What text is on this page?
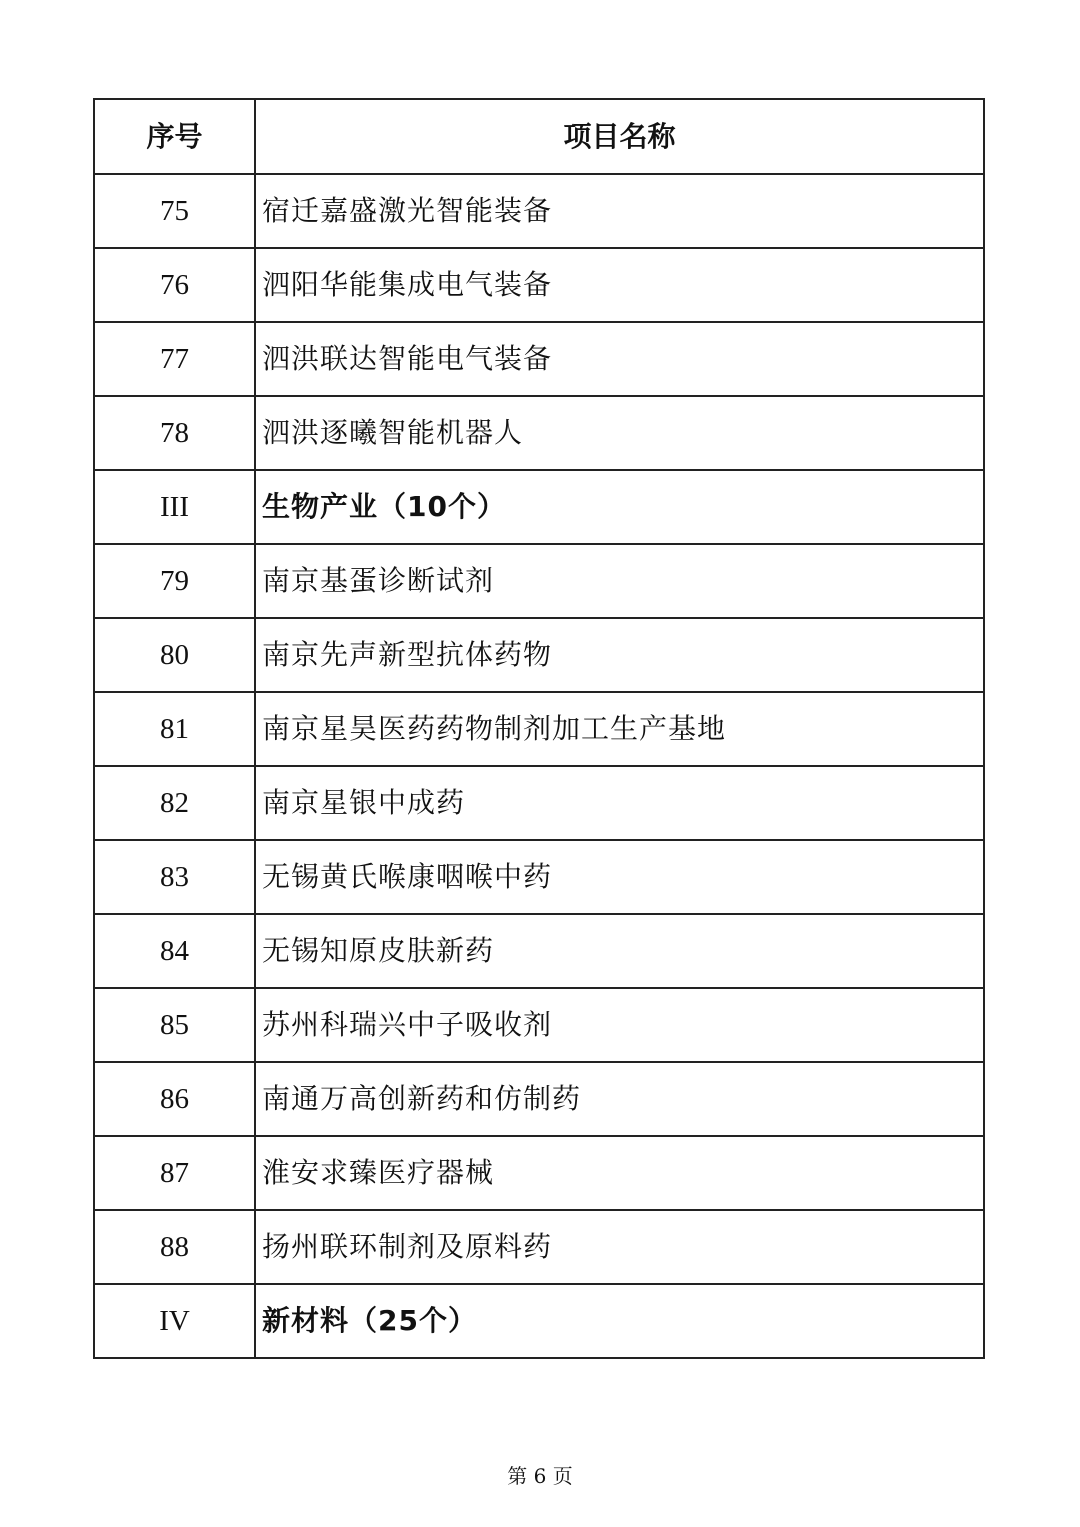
序号	项目名称
75	宿迁嘉盛激光智能装备
76	泗阳华能集成电气装备
77	泗洪联达智能电气装备
78	泗洪逐曦智能机器人
III	生物产业（10个）
79	南京基蛋诊断试剂
80	南京先声新型抗体药物
81	南京星昊医药药物制剂加工生产基地
82	南京星银中成药
83	无锡黄氏喉康咽喉中药
84	无锡知原皮肤新药
85	苏州科瑞兴中子吸收剂
86	南通万高创新药和仿制药
87	淮安求臻医疗器械
88	扬州联环制剂及原料药
IV	新材料（25个）
第 6 页
